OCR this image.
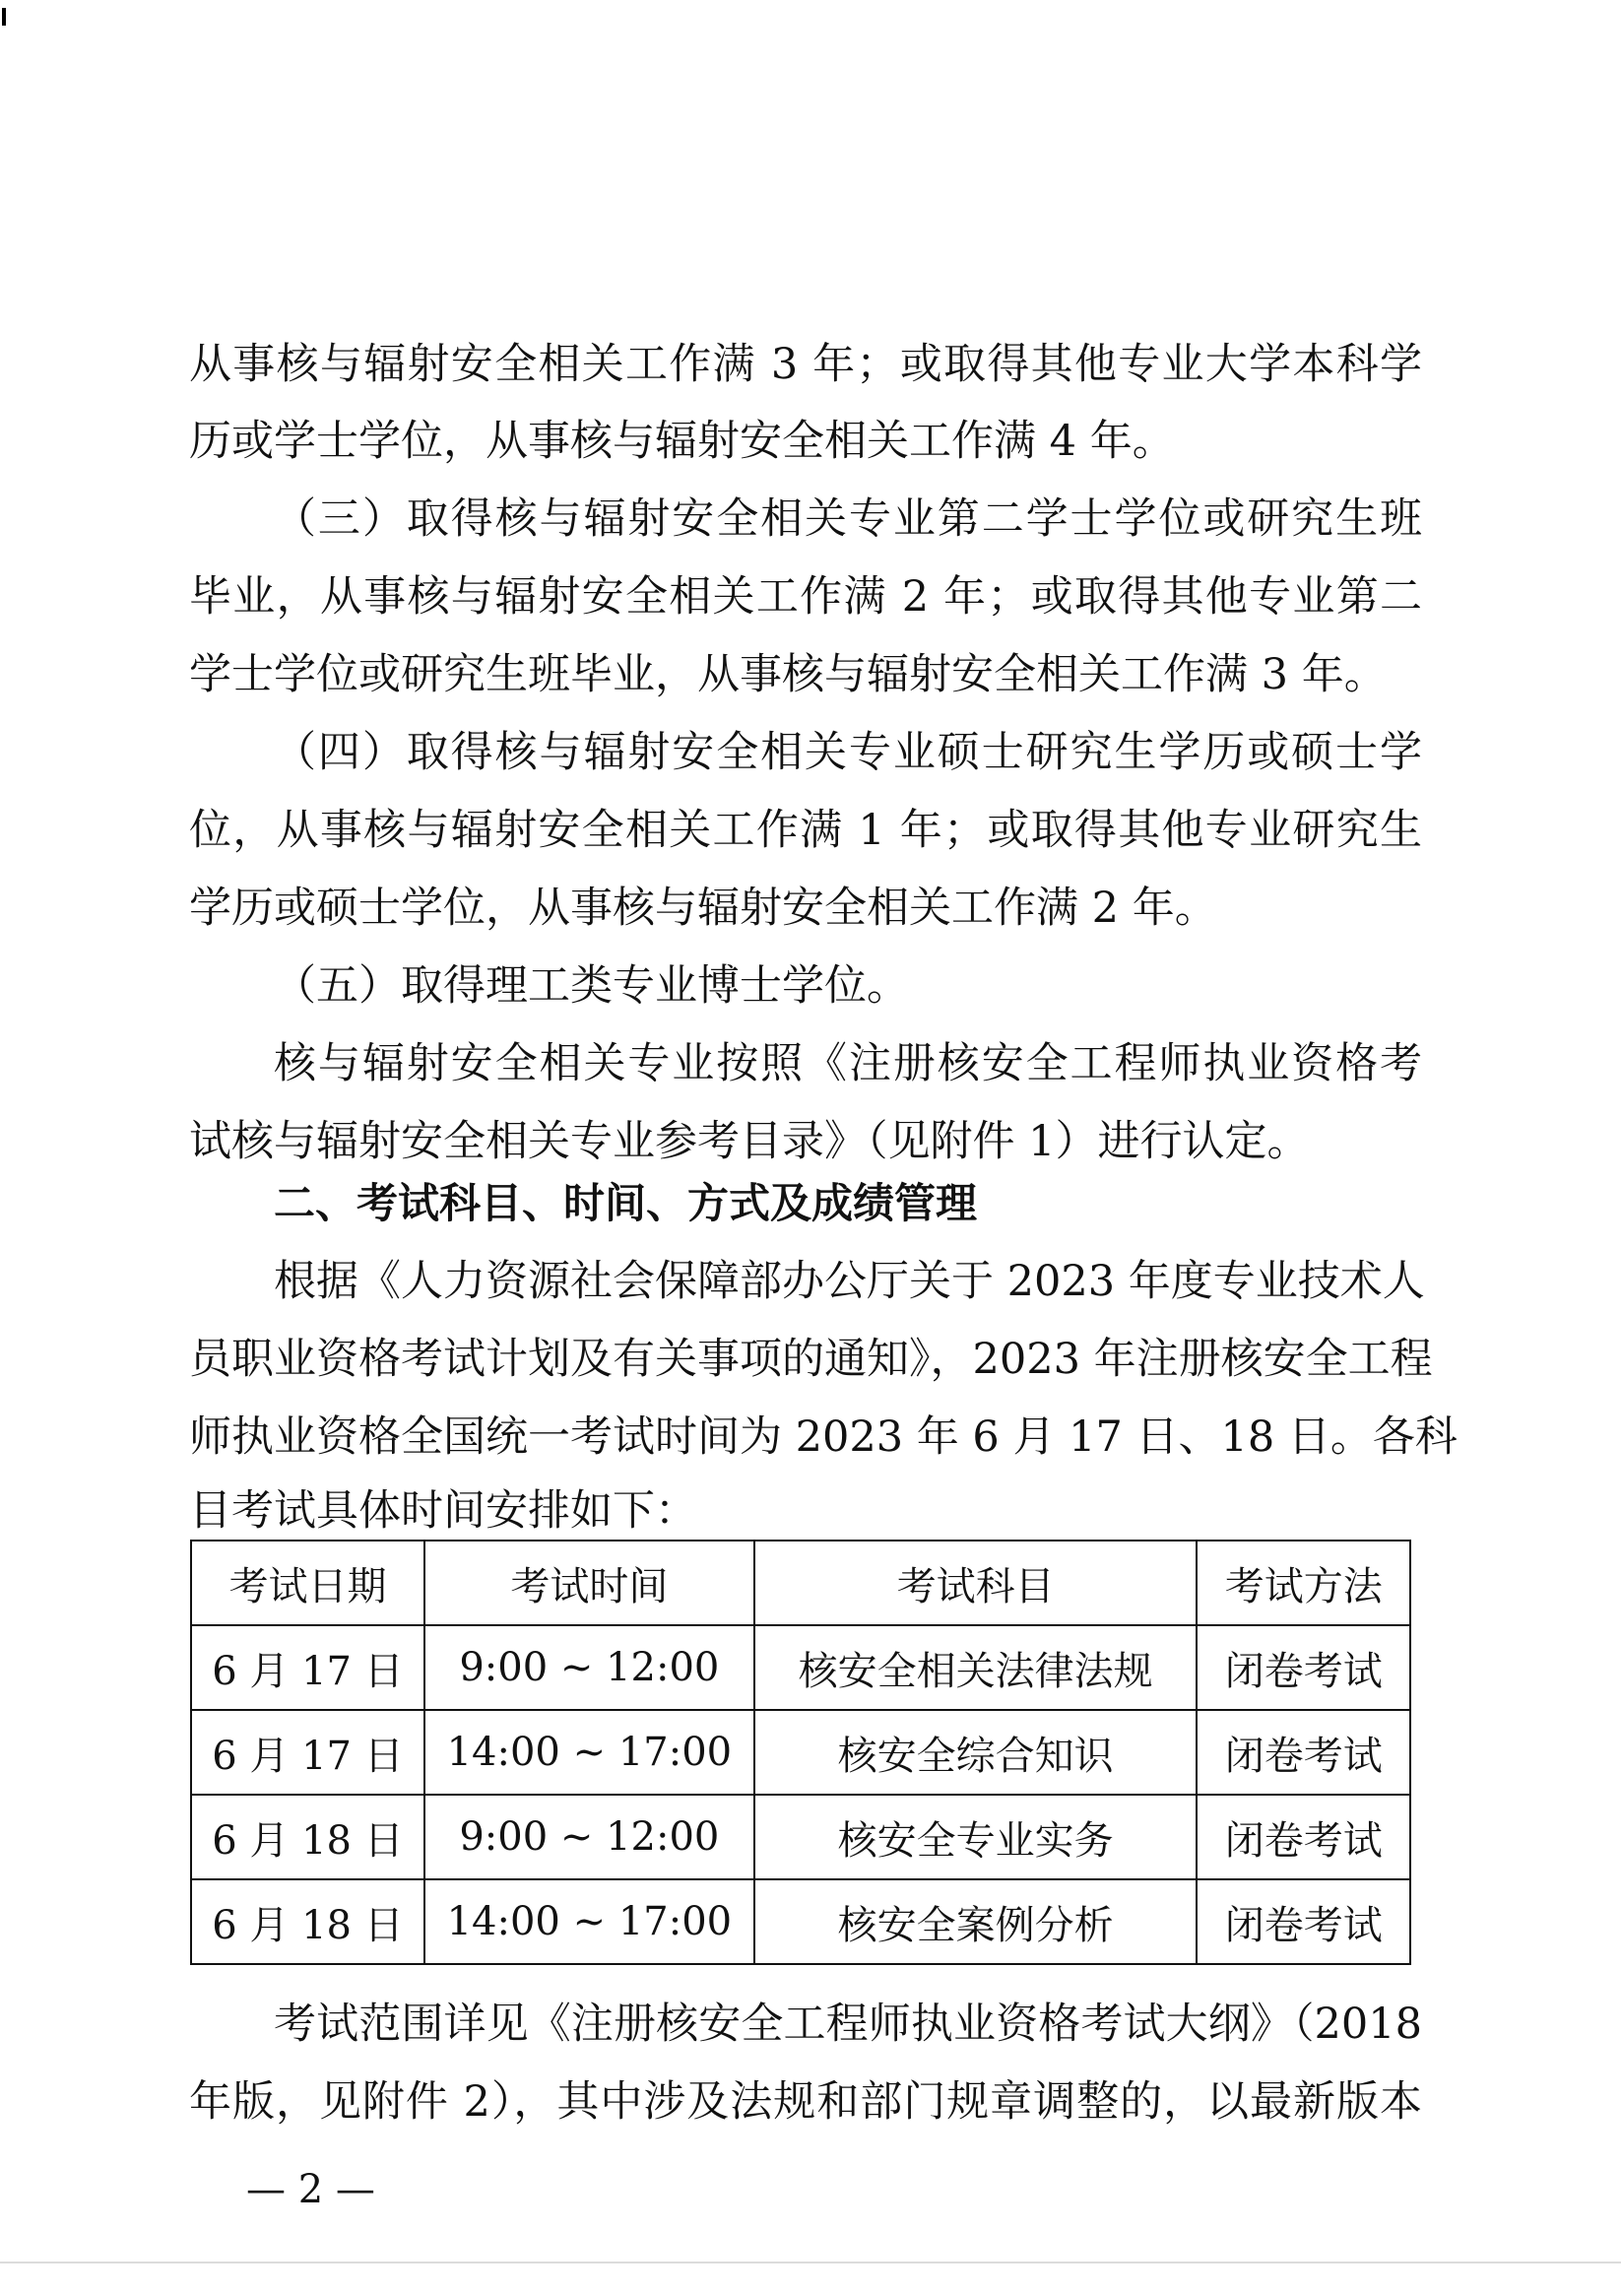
从事核与辐射安全相关工作满 3 年；或取得其他专业大学本科学
历或学士学位，从事核与辐射安全相关工作满 4 年。
（三）取得核与辐射安全相关专业第二学士学位或研究生班
毕业，从事核与辐射安全相关工作满 2 年；或取得其他专业第二
学士学位或研究生班毕业，从事核与辐射安全相关工作满 3 年。
（四）取得核与辐射安全相关专业硕士研究生学历或硕士学
位，从事核与辐射安全相关工作满 1 年；或取得其他专业研究生
学历或硕士学位，从事核与辐射安全相关工作满 2 年。
（五）取得理工类专业博士学位。
核与辐射安全相关专业按照《注册核安全工程师执业资格考
试核与辐射安全相关专业参考目录》（见附件 1）进行认定。
二、考试科目、时间、方式及成绩管理
根据《人力资源社会保障部办公厅关于 2023 年度专业技术人
员职业资格考试计划及有关事项的通知》，2023 年注册核安全工程
师执业资格全国统一考试时间为 2023 年 6 月 17 日、18 日。各科
目考试具体时间安排如下：
考试日期	考试时间	考试科目	考试方法
6 月 17 日	9:00 ~ 12:00	核安全相关法律法规	闭卷考试
6 月 17 日	14:00 ~ 17:00	核安全综合知识	闭卷考试
6 月 18 日	9:00 ~ 12:00	核安全专业实务	闭卷考试
6 月 18 日	14:00 ~ 17:00	核安全案例分析	闭卷考试
考试范围详见《注册核安全工程师执业资格考试大纲》（2018
年版，见附件 2），其中涉及法规和部门规章调整的，以最新版本
— 2 —
